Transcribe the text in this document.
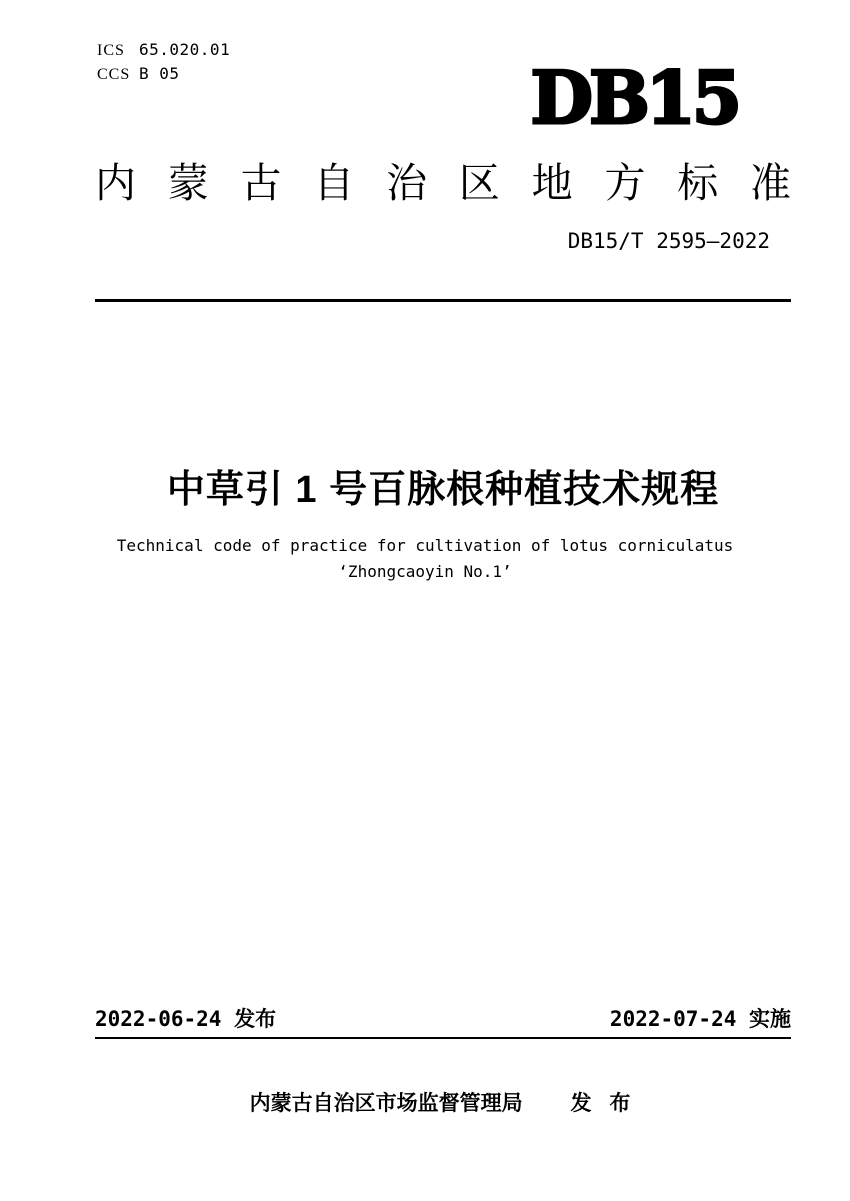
ICS 65.020.01
CCS B 05	DB15
内蒙古自治区地方标准
DB15/T 2595—2022
中草引 1 号百脉根种植技术规程
Technical code of practice for cultivation of lotus corniculatus
‘Zhongcaoyin No.1’
2022-06-24 发布	2022-07-24 实施
内蒙古自治区市场监督管理局 发 布
